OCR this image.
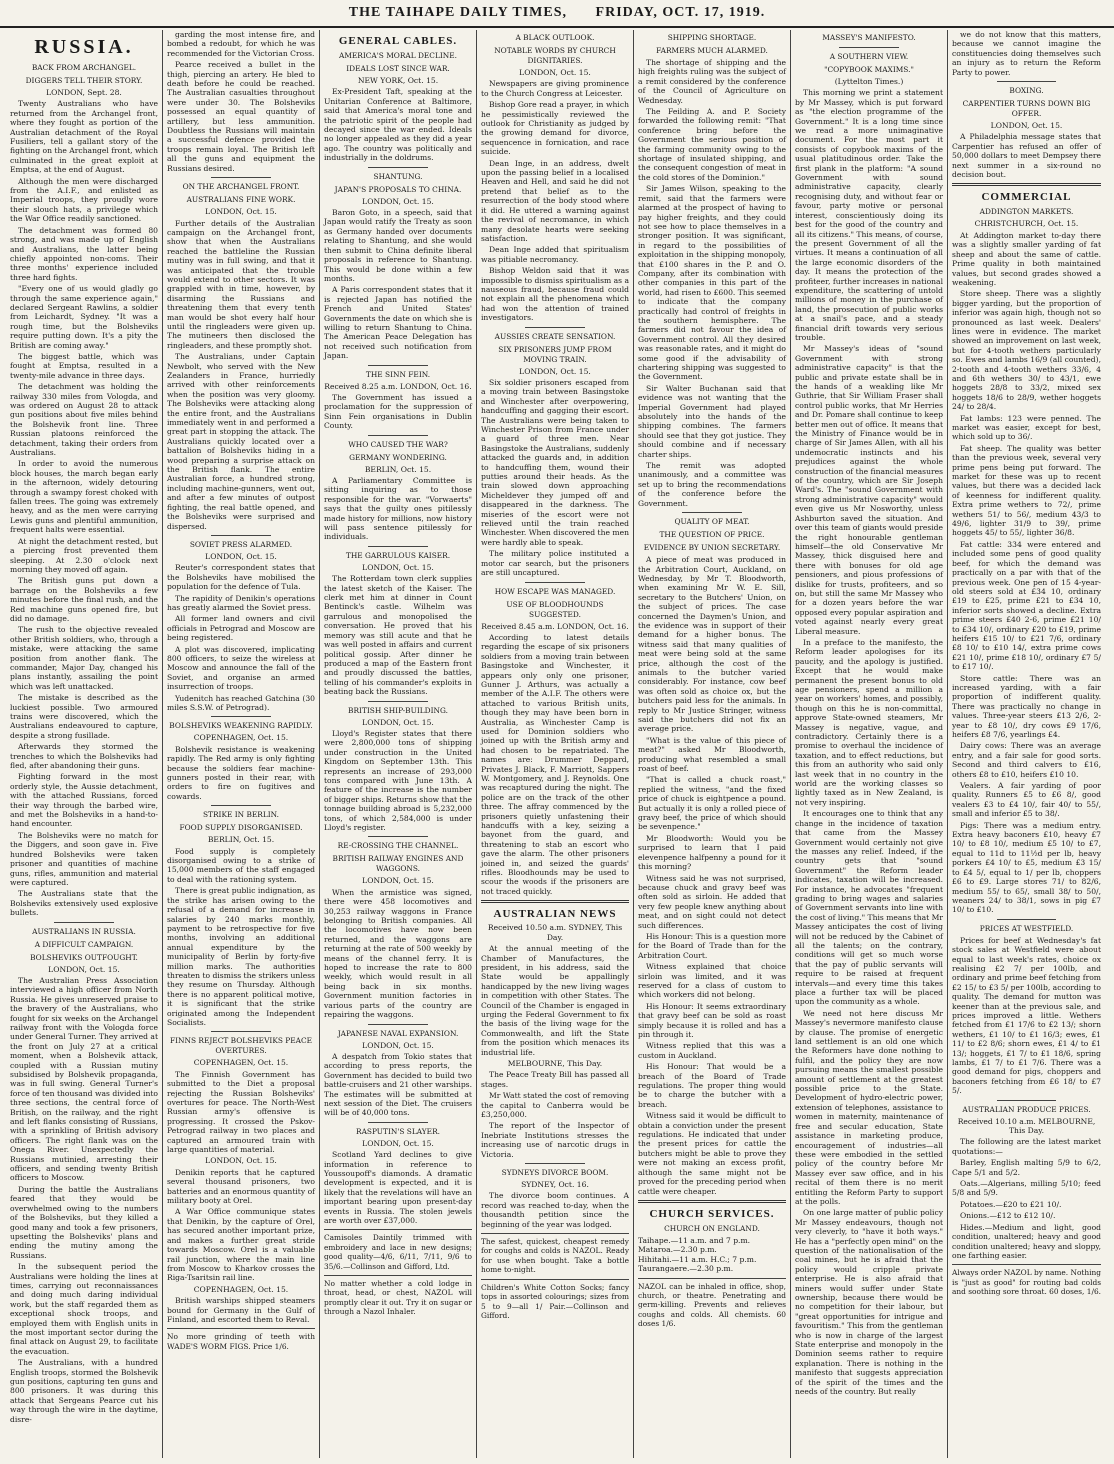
THE TAIHAPE DAILY TIMES, FRIDAY, OCT. 17, 1919.
RUSSIA.
BACK FROM ARCHANGEL.
DIGGERS TELL THEIR STORY.
LONDON, Sept. 28.

Twenty Australians who have returned from the Archangel front, where they fought as portion of the Australian detachment of the Royal Fusiliers, tell a gallant story of the fighting on the Archangel front, which culminated in the great exploit at Emptsa, at the end of August.

Although the men were discharged from the A.I.F., and enlisted as Imperial troops, they proudly wore their slouch hats, a privilege which the War Office readily sanctioned.

The detachment was formed 80 strong, and was made up of English and Australians, the latter being chiefly appointed non-coms. Their three months' experience included three hard fights.

"Every one of us would gladly go through the same experience again," declared Sergeant Rawlins, a soldier from Leichardt, Sydney. "It was a rough time, but the Bolsheviks require putting down. It's a pity the British are coming away."

The biggest battle, which was fought at Emptsa, resulted in a twenty-mile advance in three days.

The detachment was holding the railway 330 miles from Vologda, and was ordered on August 28 to attack gun positions about five miles behind the Bolshevik front line. Three Russian platoons reinforced the detachment, taking their orders from Australians.

In order to avoid the numerous block houses, the march began early in the afternoon, widely detouring through a swampy forest choked with fallen trees. The going was extremely heavy, and as the men were carrying Lewis guns and plentiful ammunition, frequent halts were essential.

At night the detachment rested, but a piercing frost prevented them sleeping. At 2.30 o'clock next morning they moved off again.

The British guns put down a barrage on the Bolsheviks a few minutes before the final rush, and the Red machine guns opened fire, but did no damage.

The rush to the objective revealed other British soldiers, who, through a mistake, were attacking the same position from another flank. The commander, Major Day, changed his plans instantly, assailing the point which was left unattacked.

The mistake is described as the luckiest possible. Two armoured trains were discovered, which the Australians endeavoured to capture, despite a strong fusillade.

Afterwards they stormed the trenches to which the Bolsheviks had fled, after abandoning their guns.

Fighting forward in the most orderly style, the Aussie detachment, with the attached Russians, forced their way through the barbed wire, and met the Bolsheviks in a hand-to-hand encounter.

The Bolsheviks were no match for the Diggers, and soon gave in. Five hundred Bolsheviks were taken prisoner and quantities of machine guns, rifles, ammunition and material were captured.

The Australians state that the Bolsheviks extensively used explosive bullets.

AUSTRALIANS IN RUSSIA.
A DIFFICULT CAMPAIGN.
BOLSHEVIKS OUTFOUGHT.
LONDON, Oct. 15.

The Australian Press Association interviewed a high officer from North Russia. He gives unreserved praise to the bravery of the Australians, who fought for six weeks on the Archangel railway front with the Vologda force under General Turner. They arrived at the front on July 27 at a critical moment, when a Bolshevik attack, coupled with a Russian mutiny subsidised by Bolshevik propaganda, was in full swing. General Turner's force of ten thousand was divided into three sections, the central force of British, on the railway, and the right and left flanks consisting of Russians, with a sprinkling of British advisory officers. The right flank was on the Onega River. Unexpectedly the Russians mutinied, arresting their officers, and sending twenty British officers to Moscow.

During the battle the Australians feared that they would be overwhelmed owing to the numbers of the Bolsheviks, but they killed a good many and took a few prisoners, upsetting the Bolsheviks' plans and ending the mutiny among the Russians.

In the subsequent period the Australians were holding the lines at times, carrying out reconnaissances and doing much daring individual work, but the staff regarded them as exceptional shock troops, and employed them with English units in the most important sector during the final attack on August 29, to facilitate the evacuation.

The Australians, with a hundred English troops, stormed the Bolshevik gun positions, capturing ten guns and 800 prisoners. It was during this attack that Sergeans Pearce cut his way through the wire in the daytime, disre-

garding the most intense fire, and bombed a redoubt, for which he was recommended for the Victorian Cross.

Pearce received a bullet in the thigh, piercing an artery. He bled to death before he could be reached. The Australian casualties throughout were under 30. The Bolsheviks possessed an equal quantity of artillery, but less ammunition. Doubtless the Russians will maintain a successful defence provided the troops remain loyal. The British left all the guns and equipment the Russians desired.

ON THE ARCHANGEL FRONT.
AUSTRALIANS FINE WORK.
LONDON, Oct. 15.

Further details of the Australian campaign on the Archangel front, show that when the Australians reached the battleline the Russian mutiny was in full swing, and that it was anticipated that the trouble would extend to other sectors. It was grappled with in time, however, by disarming the Russians and threatening them that every tenth man would be shot every half hour until the ringleaders were given up. The mutineers then disclosed the ringleaders, and these promptly shot.

The Australians, under Captain Newbolt, who served with the New Zealanders in France, hurriedly arrived with other reinforcements when the position was very gloomy. The Bolsheviks were attacking along the entire front, and the Australians immediately went in and performed a great part in stopping the attack. The Australians quickly located over a battalion of Bolsheviks hiding in a wood preparing a surprise attack on the British flank. The entire Australian force, a hundred strong, including machine-gunners, went out, and after a few minutes of outpost fighting, the real battle opened, and the Bolsheviks were surprised and dispersed.

SOVIET PRESS ALARMED.
LONDON, Oct. 15.

Reuter's correspondent states that the Bolsheviks have mobilised the population for the defence of Tula.

The rapidity of Denikin's operations has greatly alarmed the Soviet press.

All former land owners and civil officials in Petrograd and Moscow are being registered.

A plot was discovered, implicating 800 officers, to seize the wireless at Moscow and announce the fall of the Soviet, and organise an armed insurrection of troops.

Yudenitch has reached Gatchina (30 miles S.S.W. of Petrograd).

BOLSHEVIKS WEAKENING RAPIDLY.
COPENHAGEN, Oct. 15.

Bolshevik resistance is weakening rapidly. The Red army is only fighting because the soldiers fear machine-gunners posted in their rear, with orders to fire on fugitives and cowards.

STRIKE IN BERLIN.
FOOD SUPPLY DISORGANISED.
BERLIN, Oct. 15.

Food supply is completely disorganised owing to a strike of 15,000 members of the staff engaged to deal with the rationing system.

There is great public indignation, as the strike has arisen owing to the refusal of a demand for increase in salaries by 240 marks monthly, payment to be retrospective for five months, involving an additional annual expenditure by the municipality of Berlin by forty-five million marks. The authorities threaten to dismiss the strikers unless they resume on Thursday. Although there is no apparent political motive, it is significant that the strike originated among the Independent Socialists.

FINNS REJECT BOLSHEVIKS PEACE OVERTURES.
COPENHAGEN, Oct. 15.

The Finnish Government has submitted to the Diet a proposal rejecting the Russian Bolsheviks' overtures for peace. The North-West Russian army's offensive is progressing. It crossed the Pskov-Petrograd railway in two places and captured an armoured train with large quantities of material.

LONDON, Oct. 15.

Denikin reports that he captured several thousand prisoners, two batteries and an enormous quantity of military booty at Orel.

A War Office communique states that Denikin, by the capture of Orel, has secured another important prize, and makes a further great stride towards Moscow. Orel is a valuable rail junction, where the main line from Moscow to Kharkov crosses the Riga-Tsaritsin rail line.

COPENHAGEN, Oct. 15.

British warships shipped steamers bound for Germany in the Gulf of Finland, and escorted them to Reval.

No more grinding of teeth with WADE'S WORM FIGS. Price 1/6.
GENERAL CABLES.
AMERICA'S MORAL DECLINE.
IDEALS LOST SINCE WAR.
NEW YORK, Oct. 15.

Ex-President Taft, speaking at the Unitarian Conference at Baltimore, said that America's moral tone and the patriotic spirit of the people had decayed since the war ended. Ideals no longer appealed as they did a year ago. The country was politically and industrially in the doldrums.

SHANTUNG.
JAPAN'S PROPOSALS TO CHINA.
LONDON, Oct. 15.

Baron Goto, in a speech, said that Japan would ratify the Treaty as soon as Germany handed over documents relating to Shantung, and she would then submit to China definite liberal proposals in reference to Shantung. This would be done within a few months.

A Paris correspondent states that it is rejected Japan has notified the French and United States' Governments the date on which she is willing to return Shantung to China. The American Peace Delegation has not received such notification from Japan.

THE SINN FEIN.
Received 8.25 a.m. LONDON, Oct. 16.

The Government has issued a proclamation for the suppression of Sinn Fein organisations in Dublin County.

WHO CAUSED THE WAR?
GERMANY WONDERING.
BERLIN, Oct. 15.

A Parliamentary Committee is sitting inquiring as to those responsible for the war. "Vorwaerts" says that the guilty ones pitilessly made history for millions, now history will pass sentence pitilessly for individuals.

THE GARRULOUS KAISER.
LONDON, Oct. 15.

The Rotterdam town clerk supplies the latest sketch of the Kaiser. The clerk met him at dinner in Count Bentinck's castle. Wilhelm was garrulous and monopolised the conversation. He proved that his memory was still acute and that he was well posted in affairs and current political gossip. After dinner he produced a map of the Eastern front and proudly discussed the battles, telling of his commander's exploits in beating back the Russians.

BRITISH SHIP-BUILDING.
LONDON, Oct. 15.

Lloyd's Register states that there were 2,800,000 tons of shipping under construction in the United Kingdom on September 13th. This represents an increase of 293,000 tons compared with June 13th. A feature of the increase is the number of bigger ships. Returns show that the tonnage building abroad is 5,232,000 tons, of which 2,584,000 is under Lloyd's register.

RE-CROSSING THE CHANNEL.
BRITISH RAILWAY ENGINES AND WAGGONS.
LONDON, Oct. 15.

When the armistice was signed, there were 458 locomotives and 30,253 railway waggons in France belonging to British companies. All the locomotives have now been returned, and the waggons are returning at the rate of 500 weekly by means of the channel ferry. It is hoped to increase the rate to 800 weekly, which would result in all being back in six months. Government munition factories in various parts of the country are repairing the waggons.

JAPANESE NAVAL EXPANSION.
LONDON, Oct. 15.

A despatch from Tokio states that according to press reports, the Government has decided to build two battle-cruisers and 21 other warships. The estimates will be submitted at next session of the Diet. The cruisers will be of 40,000 tons.

RASPUTIN'S SLAYER.
LONDON, Oct. 15.

Scotland Yard declines to give information in reference to Youssoupoff's diamonds. A dramatic development is expected, and it is likely that the revelations will have an important bearing upon present-day events in Russia. The stolen jewels are worth over £37,000.

Camisoles Daintily trimmed with embroidery and lace in new designs; good quality—4/6, 6/11, 7/11, 9/6 to 35/6.—Collinson and Gifford, Ltd.
No matter whether a cold lodge in throat, head, or chest, NAZOL will promptly clear it out. Try it on sugar or through a Nazol Inhaler.
A BLACK OUTLOOK.
NOTABLE WORDS BY CHURCH DIGNITARIES.
LONDON, Oct. 15.

Newspapers are giving prominence to the Church Congress at Leicester.

Bishop Gore read a prayer, in which he pessimistically reviewed the outlook for Christianity as judged by the growing demand for divorce, sequencence in fornication, and race suicide.

Dean Inge, in an address, dwelt upon the passing belief in a localised Heaven and Hell, and said he did not pretend that belief as to the resurrection of the body stood where it did. He uttered a warning against the revival of necromance, in which many desolate hearts were seeking satisfaction.

Dean Inge added that spiritualism was pitiable necromancy.

Bishop Weldon said that it was impossible to dismiss spiritualism as a nauseous fraud, because fraud could not explain all the phenomena which had won the attention of trained investigators.

AUSSIES CREATE SENSATION.
SIX PRISONERS JUMP FROM MOVING TRAIN.
LONDON, Oct. 15.

Six soldier prisoners escaped from a moving train between Basingstoke and Winchester after overpowering, handcuffing and gagging their escort. The Australians were being taken to Winchester Prison from France under a guard of three men. Near Basingstoke the Australians, suddenly attacked the guards and, in addition to handcuffing them, wound their putties around their heads. As the train slowed down approaching Micheldever they jumped off and disappeared in the darkness. The miseries of the escort were not relieved until the train reached Winchester. When discovered the men were hardly able to speak.

The military police instituted a motor car search, but the prisoners are still uncaptured.

HOW ESCAPE WAS MANAGED.
USE OF BLOODHOUNDS SUGGESTED.
Received 8.45 a.m. LONDON, Oct. 16.

According to latest details regarding the escape of six prisoners soldiers from a moving train between Basingstoke and Winchester, it appears only only one prisoner, Gunner J. Arthurs, was actually a member of the A.I.F. The others were attached to various British units, though they may have been born in Australia, as Winchester Camp is used for Dominion soldiers who joined up with the British army and had chosen to be repatriated. The names are: Drummer Deppard, Privates J. Black, F. Marriott, Sappers W. Montgomery, and J. Reynolds. One was recaptured during the night. The police are on the track of the other three. The affray commenced by the prisoners quietly unfastening their handcuffs with a key, seizing a bayonet from the guard, and threatening to stab an escort who gave the alarm. The other prisoners joined in, and seized the guards' rifles. Bloodhounds may be used to scour the woods if the prisoners are not traced quickly.

AUSTRALIAN NEWS
Received 10.50 a.m. SYDNEY, This Day.

At the annual meeting of the Chamber of Manufactures, the president, in his address, said the State would be appallingly handicapped by the new living wages in competition with other States. The Council of the Chamber is engaged in urging the Federal Government to fix the basis of the living wage for the Commonwealth, and lift the State from the position which menaces its industrial life.

MELBOURNE, This Day.

The Peace Treaty Bill has passed all stages.

Mr Watt stated the cost of removing the capital to Canberra would be £3,250,000.

The report of the Inspector of Inebriate Institutions stresses the increasing use of narcotic drugs in Victoria.

SYDNEYS DIVORCE BOOM.
SYDNEY, Oct. 16.

The divorce boom continues. A record was reached to-day, when the thousandth petition since the beginning of the year was lodged.

The safest, quickest, cheapest remedy for coughs and colds is NAZOL. Ready for use when bought. Take a bottle home to-night.
Children's White Cotton Socks; fancy tops in assorted colourings; sizes from 5 to 9—all 1/ Pair.—Collinson and Gifford.
SHIPPING SHORTAGE.
FARMERS MUCH ALARMED.

The shortage of shipping and the high freights ruling was the subject of a remit considered by the conference of the Council of Agriculture on Wednesday.

The Feilding A. and P. Society forwarded the following remit: "That conference bring before the Government the serious position of the farming community owing to the shortage of insulated shipping, and the consequent congestion of meat in the cold stores of the Dominion."

Sir James Wilson, speaking to the remit, said that the farmers were alarmed at the prospect of having to pay higher freights, and they could not see how to place themselves in a stronger position. It was significant, in regard to the possibilities of exploitation in the shipping monopoly, that £100 shares in the P. and O. Company, after its combination with other companies in this part of the world, had risen to £600. This seemed to indicate that the company practically had control of freights in the southern hemisphere. The farmers did not favour the idea of Government control. All they desired was reasonable rates, and it might do some good if the advisability of chartering shipping was suggested to the Government.

Sir Walter Buchanan said that evidence was not wanting that the Imperial Government had played absolutely into the hands of the shipping combines. The farmers should see that they got justice. They should combine and if necessary charter ships.

The remit was adopted unanimously, and a committee was set up to bring the recommendations of the conference before the Government.

QUALITY OF MEAT.
THE QUESTION OF PRICE.
EVIDENCE BY UNION SECRETARY.

A piece of meat was produced in the Arbitration Court, Auckland, on Wednesday, by Mr T. Bloodworth, when examining Mr W. E. Sill, secretary to the Butchers' Union, on the subject of prices. The case concerned the Daymen's Union, and the evidence was in support of their demand for a higher bonus. The witness said that many qualities of meat were being sold at the same price, although the cost of the animals to the butcher varied considerably. For instance, cow beef was often sold as choice ox, but the butchers paid less for the animals. In reply to Mr Justice Stringer, witness said the butchers did not fix an average price.

"What is the value of this piece of meat?" asked Mr Bloodworth, producing what resembled a small roast of beef.

"That is called a chuck roast," replied the witness, "and the fixed price of chuck is eightpence a pound. But actually it is only a rolled piece of gravy beef, the price of which should be sevenpence."

Mr Bloodworth: Would you be surprised to learn that I paid elevenpence halfpenny a pound for it this morning?

Witness said he was not surprised, because chuck and gravy beef was often sold as sirloin. He added that very few people knew anything about meat, and on sight could not detect such differences.

His Honour: This is a question more for the Board of Trade than for the Arbitration Court.

Witness explained that choice sirloin was limited, and it was reserved for a class of custom to which workers did not belong.

His Honour: It seems extraordinary that gravy beef can be sold as roast simply because it is rolled and has a pin through it.

Witness replied that this was a custom in Auckland.

His Honour: That would be a breach of the Board of Trade regulations. The proper thing would be to charge the butcher with a breach.

Witness said it would be difficult to obtain a conviction under the present regulations. He indicated that under the present prices for cattle the butchers might be able to prove they were not making an excess profit, although the same might not be proved for the preceding period when cattle were cheaper.

CHURCH SERVICES.
CHURCH ON ENGLAND.
Taihape.—11 a.m. and 7 p.m.
Mataroa.—2.30 p.m.
Hihitahi.—11 a.m. H.C.; 7 p.m.
Taurangaere.—2.30 p.m.
NAZOL can be inhaled in office, shop, church, or theatre. Penetrating and germ-killing. Prevents and relieves coughs and colds. All chemists. 60 doses 1/6.
MASSEY'S MANIFESTO.
A SOUTHERN VIEW.
"COPYBOOK MAXIMS."
(Lyttelton Times.)

This morning we print a statement by Mr Massey, which is put forward as "the election programme of the Government." It is a long time since we read a more unimaginative document. For the most part it consists of copybook maxims of the usual platitudinous order. Take the first plank in the platform: "A sound Government with sound administrative capacity, clearly recognising duty, and without fear or favour, party motive or personal interest, conscientiously doing its best for the good of the country and all its citizens." This means, of course, the present Government of all the virtues. It means a continuation of all the large economic disorders of the day. It means the protection of the profiteer, further increases in national expenditure, the scattering of untold millions of money in the purchase of land, the prosecution of public works at a snail's pace, and a steady financial drift towards very serious trouble.

Mr Massey's ideas of "sound Government with strong administrative capacity" is that the public and private estate shall be in the hands of a weakling like Mr Guthrie, that Sir William Fraser shall control public works, that Mr Herries and Dr. Pomare shall continue to keep better men out of office. It means that the Ministry of Finance would be in charge of Sir James Allen, with all his undemocratic instincts and his prejudices against the whole construction of the financial measures of the country, which are Sir Joseph Ward's. The "sound Government with strong administrative capacity" would even give us Mr Nosworthy, unless Ashburton saved the situation. And over this team of giants would preside the right honourable gentleman himself—the old Conservative Mr Massey, thick disguised here and there with bonuses for old age pensioners, and pious professions of dislike for trusts, profiteers, and so on, but still the same Mr Massey who for a dozen years before the war opposed every popular aspiration and voted against nearly every great Liberal measure.

In a preface to the manifesto, the Reform leader apologises for its paucity, and the apology is justified. Except that he would make permanent the present bonus to old age pensioners, spend a million a year on workers' homes, and possibly, though on this he is non-committal, approve State-owned steamers, Mr Massey is negative, vague, and contradictory. Certainly there is a promise to overhaul the incidence of taxation, and to effect reductions, but this from an authority who said only last week that in no country in the world are the working classes so lightly taxed as in New Zealand, is not very inspiring.

It encourages one to think that any change in the incidence of taxation that came from the Massey Government would certainly not give the masses any relief. Indeed, if the country gets that "sound Government" the Reform leader indicates, taxation will be increased. For instance, he advocates "frequent grading to bring wages and salaries of Government servants into line with the cost of living." This means that Mr Massey anticipates the cost of living will not be reduced by the Cabinet of all the talents; on the contrary, conditions will get so much worse that the pay of public servants will require to be raised at frequent intervals—and every time this takes place a further tax will be placed upon the community as a whole.

We need not here discuss Mr Massey's nevermore manifesto clause by clause. The promise of energetic land settlement is an old one which the Reformers have done nothing to fulfil, and the policy they are now pursuing means the smallest possible amount of settlement at the greatest possible price to the State. Development of hydro-electric power, extension of telephones, assistance to women in maternity, maintenance of free and secular education, State assistance in marketing produce, encouragement of industries—all these were embodied in the settled policy of the country before Mr Massey ever saw office, and in his recital of them there is no merit entitling the Reform Party to support at the polls.

On one large matter of public policy Mr Massey endeavours, though not very cleverly, to "have it both ways." He has a "perfectly open mind" on the question of the nationalisation of the coal mines, but he is afraid that the policy would cripple private enterprise. He is also afraid that miners would suffer under State ownership, because there would be no competition for their labour, but "great opportunities for intrigue and favouritism." This from the gentleman who is now in charge of the largest State enterprise and monopoly in the Dominion seems rather to require explanation. There is nothing in the manifesto that suggests appreciation of the spirit of the times and the needs of the country. But really

we do not know that this matters, because we cannot imagine the constituencies doing themselves such an injury as to return the Reform Party to power.

BOXING.
CARPENTIER TURNS DOWN BIG OFFER.
LONDON, Oct. 15.

A Philadelphia message states that Carpentier has refused an offer of 50,000 dollars to meet Dempsey there next summer in a six-round no decision bout.

COMMERCIAL
ADDINGTON MARKETS.
CHRISTCHURCH, Oct. 15.

At Addington market to-day there was a slightly smaller yarding of fat sheep and about the same of cattle. Prime quality in both maintained values, but second grades showed a weakening.

Store sheep. There was a slightly bigger yarding, but the proportion of inferior was again high, though not so pronounced as last week. Dealers' lines were in evidence. The market showed an improvement on last week, but for 4-tooth wethers particularly so. Ewes and lambs 16/9 (all counted), 2-tooth and 4-tooth wethers 33/6, 4 and 6th wethers 30/ to 43/1, ewe hoggets 28/8 to 33/2, mixed sex hoggets 18/6 to 28/9, wether hoggets 24/ to 28/4.

Fat lambs: 123 were penned. The market was easier, except for best, which sold up to 36/.

Fat sheep. The quality was better than the previous week, several very prime pens being put forward. The market for these was up to recent values, but there was a decided lack of keenness for indifferent quality. Extra prime wethers to 72/, prime wethers 51/ to 56/, medium 43/3 to 49/6, lighter 31/9 to 39/, prime hoggets 45/ to 55/, lighter 36/8.

Fat cattle: 334 were entered and included some pens of good quality beef, for which the demand was practically on a par with that of the previous week. One pen of 15 4-year-old steers sold at £34 10, ordinary £19 to £25, prime £21 to £34 10, inferior sorts showed a decline. Extra prime steers £40 2-6, prime £21 10/ to £34 10/, ordinary £20 to £19, prime heifers £15 10/ to £21 7/6, ordinary £8 10/ to £10 14/, extra prime cows £21 10/, prime £18 10/, ordinary £7 5/ to £17 10/.

Store cattle: There was an increased yarding, with a fair proportion of indifferent quality. There was practically no change in values. Three-year steers £13 2/6, 2-year to £8 10/, dry cows £9 17/6, heifers £8 7/6, yearlings £4.

Dairy cows: There was an average entry, and a fair sale for good sorts. Second and third calvers to £16, others £8 to £10, heifers £10 10.

Vealers. A fair yarding of poor quality. Runners £5 to £6 8/, good vealers £3 to £4 10/, fair 40/ to 55/, small and inferior £5 to 38/.

Pigs: There was a medium entry. Extra heavy baconers £10, heavy £7 10/ to £8 10/, medium £5 10/ to £7, equal to 11d to 11½d per lb, heavy porkers £4 10/ to £5, medium £3 15/ to £4 5/, equal to 1/ per lb, choppers £6 to £9. Large stores 71/ to 82/6, medium 55/ to 65/, small 38/ to 50/, weaners 24/ to 38/1, sows in pig £7 10/ to £10.

PRICES AT WESTFIELD.

Prices for beef at Wednesday's fat stock sales at Westfield were about equal to last week's rates, choice ox realising £2 7/ per 100lb, and ordinary and prime beef fetching from £2 15/ to £3 5/ per 100lb, according to quality. The demand for mutton was keener than at the previous sale, and prices improved a little. Wethers fetched from £1 17/6 to £2 13/; shorn wethers, £1 10/ to £1 16/3; ewes, £1 11/ to £2 8/6; shorn ewes, £1 4/ to £1 13/; hoggets, £1 7/ to £1 18/6, spring lambs, £1 7/ to £1 7/6. There was a good demand for pigs, choppers and baconers fetching from £6 18/ to £7 5/.

AUSTRALIAN PRODUCE PRICES.
Received 10.10 a.m. MELBOURNE, This Day.

The following are the latest market quotations:—

Barley, English malting 5/9 to 6/2, Cape 5/1 and 5/2.

Oats.—Algerians, milling 5/10; feed 5/8 and 5/9.

Potatoes.—£20 to £21 10/.

Onions.—£12 to £12 10/.

Hides.—Medium and light, good condition, unaltered; heavy and good condition unaltered; heavy and sloppy, one farthing easier.

Always order NAZOL by name. Nothing is "just as good" for routing bad colds and soothing sore throat. 60 doses, 1/6.
